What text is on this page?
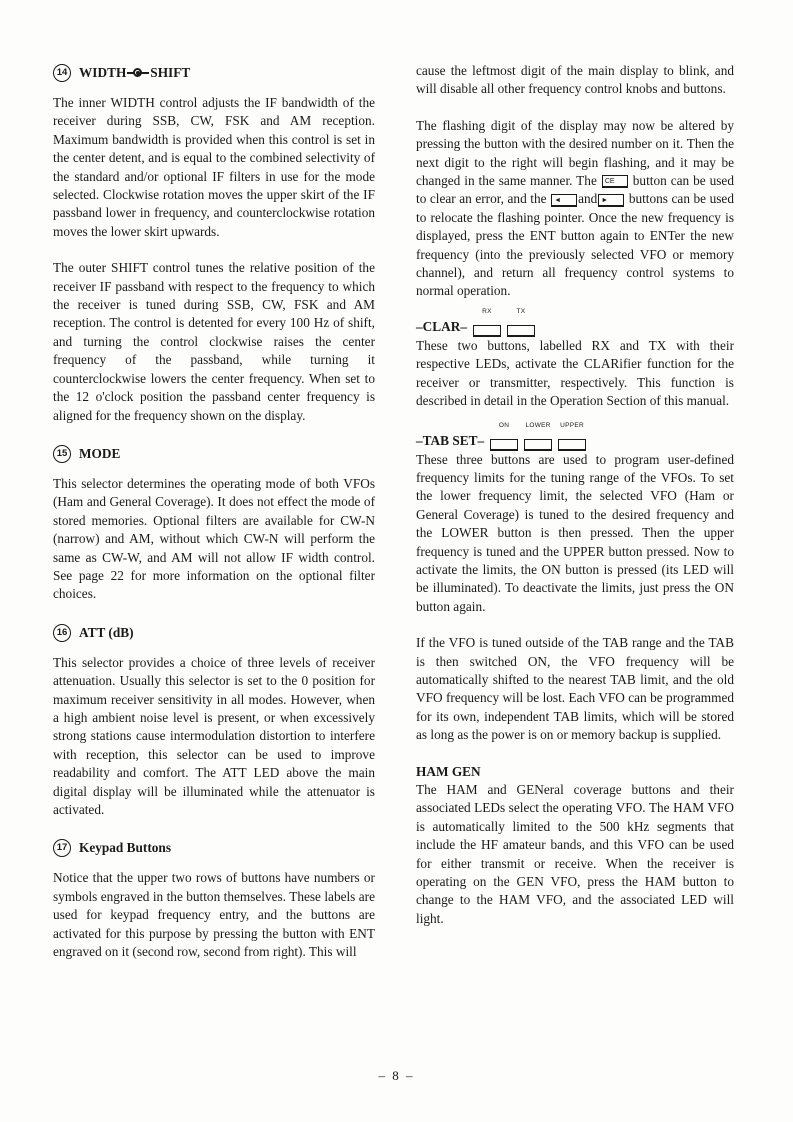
14 WIDTH SHIFT

The inner WIDTH control adjusts the IF bandwidth of the receiver during SSB, CW, FSK and AM reception. Maximum bandwidth is provided when this control is set in the center detent, and is equal to the combined selectivity of the standard and/or optional IF filters in use for the mode selected. Clockwise rotation moves the upper skirt of the IF passband lower in frequency, and counterclockwise rotation moves the lower skirt upwards.

The outer SHIFT control tunes the relative position of the receiver IF passband with respect to the frequency to which the receiver is tuned during SSB, CW, FSK and AM reception. The control is detented for every 100 Hz of shift, and turning the control clockwise raises the center frequency of the passband, while turning it counterclockwise lowers the center frequency. When set to the 12 o'clock position the passband center frequency is aligned for the frequency shown on the display.

15 MODE

This selector determines the operating mode of both VFOs (Ham and General Coverage). It does not effect the mode of stored memories. Optional filters are available for CW-N (narrow) and AM, without which CW-N will perform the same as CW-W, and AM will not allow IF width control. See page 22 for more information on the optional filter choices.

16 ATT (dB)

This selector provides a choice of three levels of receiver attenuation. Usually this selector is set to the 0 position for maximum receiver sensitivity in all modes. However, when a high ambient noise level is present, or when excessively strong stations cause intermodulation distortion to interfere with reception, this selector can be used to improve readability and comfort. The ATT LED above the main digital display will be illuminated while the attenuator is activated.

17 Keypad Buttons

Notice that the upper two rows of buttons have numbers or symbols engraved in the button themselves. These labels are used for keypad frequency entry, and the buttons are activated for this purpose by pressing the button with ENT engraved on it (second row, second from right). This will

cause the leftmost digit of the main display to blink, and will disable all other frequency control knobs and buttons.

The flashing digit of the display may now be altered by pressing the button with the desired number on it. Then the next digit to the right will begin flashing, and it may be changed in the same manner. The CE button can be used to clear an error, and the ◄ and ► buttons can be used to relocate the flashing pointer. Once the new frequency is displayed, press the ENT button again to ENTer the new frequency (into the previously selected VFO or memory channel), and return all frequency control systems to normal operation.

–CLAR–
RX	TX

These two buttons, labelled RX and TX with their respective LEDs, activate the CLARifier function for the receiver or transmitter, respectively. This function is described in detail in the Operation Section of this manual.

–TAB SET–
ON LOWER UPPER

These three buttons are used to program user-defined frequency limits for the tuning range of the VFOs. To set the lower frequency limit, the selected VFO (Ham or General Coverage) is tuned to the desired frequency and the LOWER button is then pressed. Then the upper frequency is tuned and the UPPER button pressed. Now to activate the limits, the ON button is pressed (its LED will be illuminated). To deactivate the limits, just press the ON button again.

If the VFO is tuned outside of the TAB range and the TAB is then switched ON, the VFO frequency will be automatically shifted to the nearest TAB limit, and the old VFO frequency will be lost. Each VFO can be programmed for its own, independent TAB limits, which will be stored as long as the power is on or memory backup is supplied.

HAM GEN

The HAM and GENeral coverage buttons and their associated LEDs select the operating VFO. The HAM VFO is automatically limited to the 500 kHz segments that include the HF amateur bands, and this VFO can be used for either transmit or receive. When the receiver is operating on the GEN VFO, press the HAM button to change to the HAM VFO, and the associated LED will light.

– 8 –
